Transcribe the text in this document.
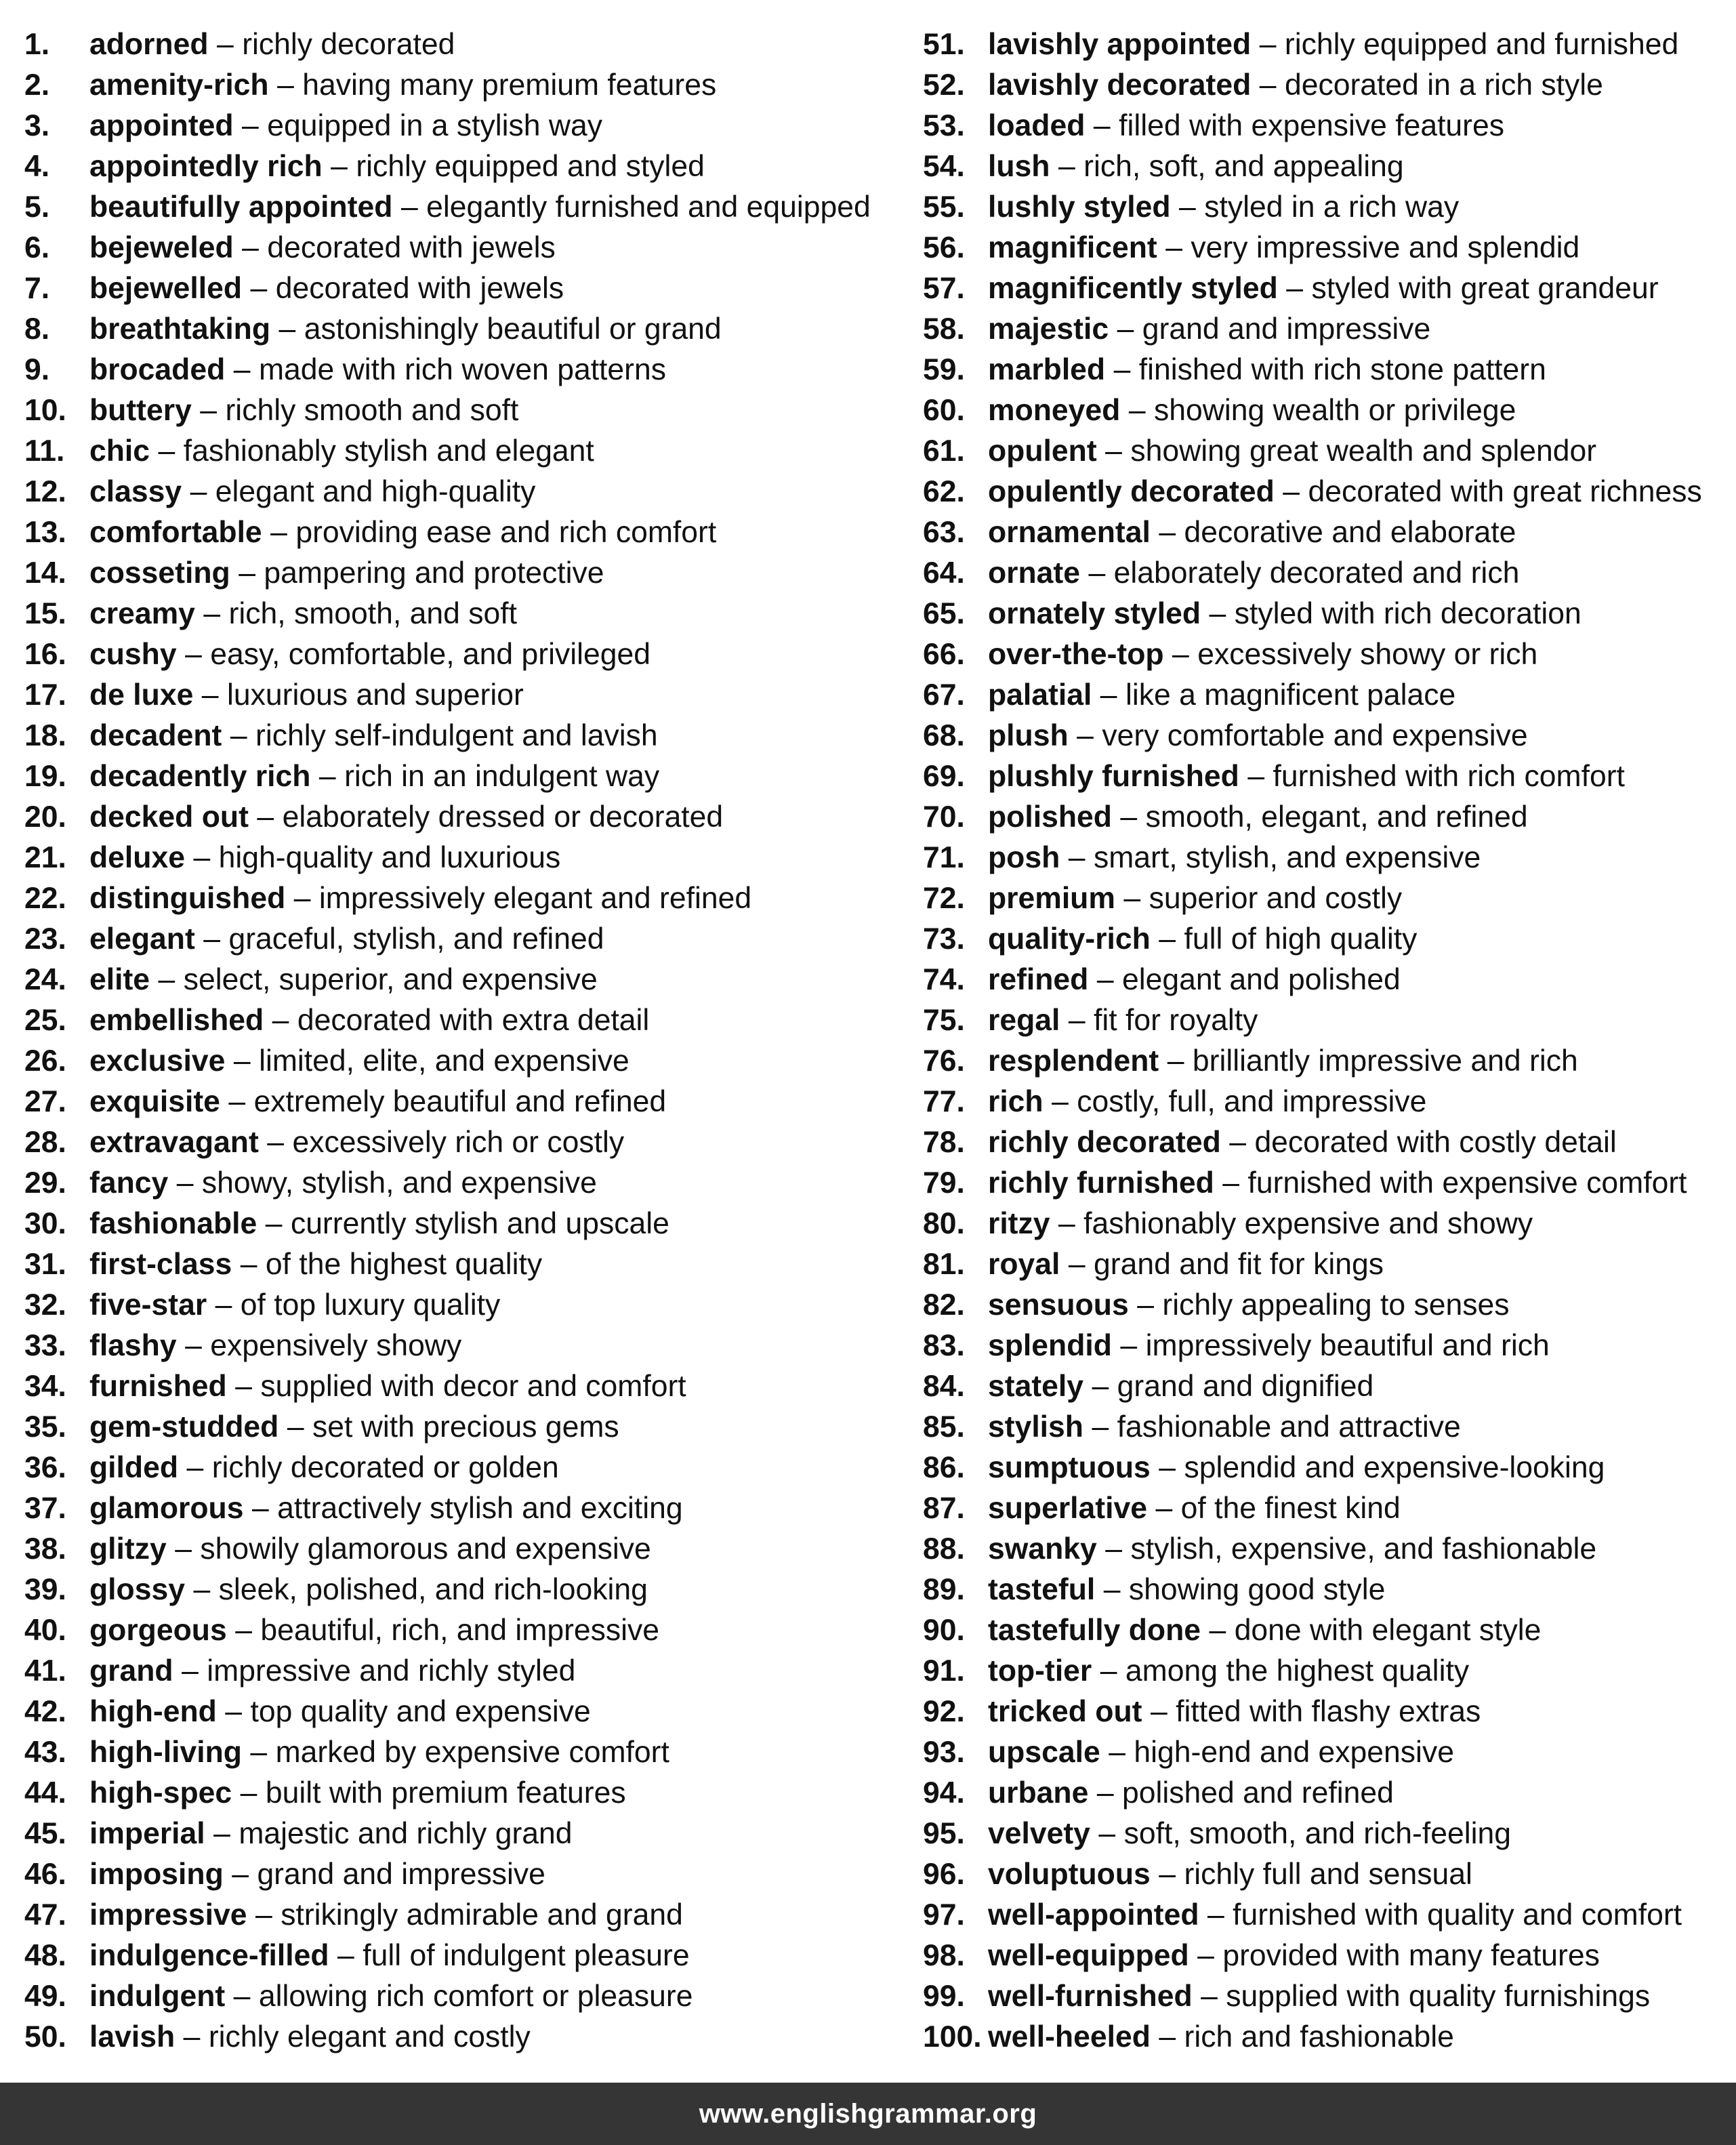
1.	adorned – richly decorated
2.	amenity-rich – having many premium features
3.	appointed – equipped in a stylish way
4.	appointedly rich – richly equipped and styled
5.	beautifully appointed – elegantly furnished and equipped
6.	bejeweled – decorated with jewels
7.	bejewelled – decorated with jewels
8.	breathtaking – astonishingly beautiful or grand
9.	brocaded – made with rich woven patterns
10. buttery – richly smooth and soft
11. chic – fashionably stylish and elegant
12. classy – elegant and high-quality
13. comfortable – providing ease and rich comfort
14. cosseting – pampering and protective
15. creamy – rich, smooth, and soft
16. cushy – easy, comfortable, and privileged
17. de luxe – luxurious and superior
18. decadent – richly self-indulgent and lavish
19. decadently rich – rich in an indulgent way
20. decked out – elaborately dressed or decorated
21. deluxe – high-quality and luxurious
22. distinguished – impressively elegant and refined
23. elegant – graceful, stylish, and refined
24. elite – select, superior, and expensive
25. embellished – decorated with extra detail
26. exclusive – limited, elite, and expensive
27. exquisite – extremely beautiful and refined
28. extravagant – excessively rich or costly
29. fancy – showy, stylish, and expensive
30. fashionable – currently stylish and upscale
31. first-class – of the highest quality
32. five-star – of top luxury quality
33. flashy – expensively showy
34. furnished – supplied with decor and comfort
35. gem-studded – set with precious gems
36. gilded – richly decorated or golden
37. glamorous – attractively stylish and exciting
38. glitzy – showily glamorous and expensive
39. glossy – sleek, polished, and rich-looking
40. gorgeous – beautiful, rich, and impressive
41. grand – impressive and richly styled
42. high-end – top quality and expensive
43. high-living – marked by expensive comfort
44. high-spec – built with premium features
45. imperial – majestic and richly grand
46. imposing – grand and impressive
47. impressive – strikingly admirable and grand
48. indulgence-filled – full of indulgent pleasure
49. indulgent – allowing rich comfort or pleasure
50. lavish – richly elegant and costly
51. lavishly appointed – richly equipped and furnished
52. lavishly decorated – decorated in a rich style
53. loaded – filled with expensive features
54. lush – rich, soft, and appealing
55. lushly styled – styled in a rich way
56. magnificent – very impressive and splendid
57. magnificently styled – styled with great grandeur
58. majestic – grand and impressive
59. marbled – finished with rich stone pattern
60. moneyed – showing wealth or privilege
61. opulent – showing great wealth and splendor
62. opulently decorated – decorated with great richness
63. ornamental – decorative and elaborate
64. ornate – elaborately decorated and rich
65. ornately styled – styled with rich decoration
66. over-the-top – excessively showy or rich
67. palatial – like a magnificent palace
68. plush – very comfortable and expensive
69. plushly furnished – furnished with rich comfort
70. polished – smooth, elegant, and refined
71. posh – smart, stylish, and expensive
72. premium – superior and costly
73. quality-rich – full of high quality
74. refined – elegant and polished
75. regal – fit for royalty
76. resplendent – brilliantly impressive and rich
77. rich – costly, full, and impressive
78. richly decorated – decorated with costly detail
79. richly furnished – furnished with expensive comfort
80. ritzy – fashionably expensive and showy
81. royal – grand and fit for kings
82. sensuous – richly appealing to senses
83. splendid – impressively beautiful and rich
84. stately – grand and dignified
85. stylish – fashionable and attractive
86. sumptuous – splendid and expensive-looking
87. superlative – of the finest kind
88. swanky – stylish, expensive, and fashionable
89. tasteful – showing good style
90. tastefully done – done with elegant style
91. top-tier – among the highest quality
92. tricked out – fitted with flashy extras
93. upscale – high-end and expensive
94. urbane – polished and refined
95. velvety – soft, smooth, and rich-feeling
96. voluptuous – richly full and sensual
97. well-appointed – furnished with quality and comfort
98. well-equipped – provided with many features
99. well-furnished – supplied with quality furnishings
100. well-heeled – rich and fashionable
www.englishgrammar.org
